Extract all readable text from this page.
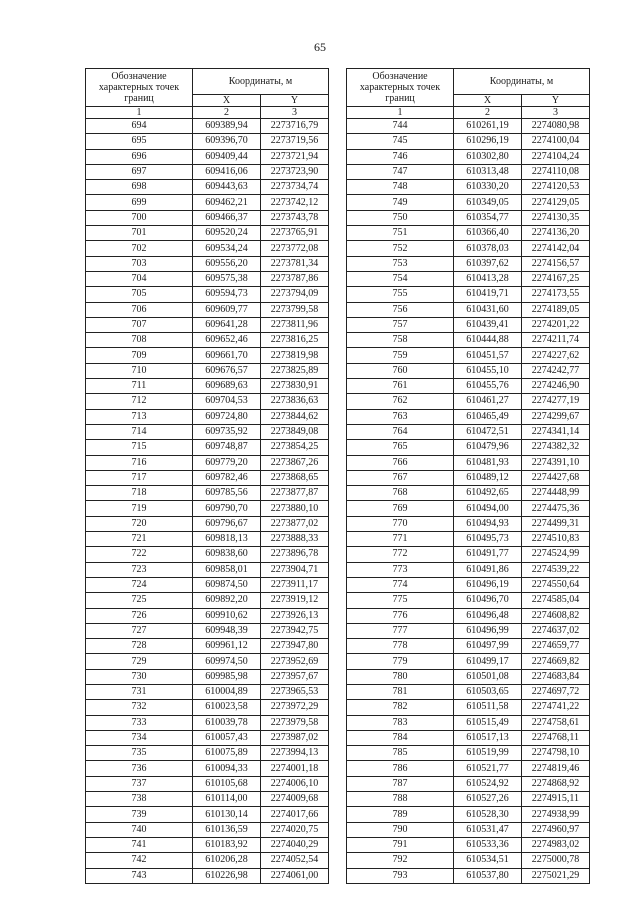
65
Обозначение характерных точек границ	Координаты, м	
	X	Y
1	2	3
694	609389,94	2273716,79
695	609396,70	2273719,56
696	609409,44	2273721,94
697	609416,06	2273723,90
698	609443,63	2273734,74
699	609462,21	2273742,12
700	609466,37	2273743,78
701	609520,24	2273765,91
702	609534,24	2273772,08
703	609556,20	2273781,34
704	609575,38	2273787,86
705	609594,73	2273794,09
706	609609,77	2273799,58
707	609641,28	2273811,96
708	609652,46	2273816,25
709	609661,70	2273819,98
710	609676,57	2273825,89
711	609689,63	2273830,91
712	609704,53	2273836,63
713	609724,80	2273844,62
714	609735,92	2273849,08
715	609748,87	2273854,25
716	609779,20	2273867,26
717	609782,46	2273868,65
718	609785,56	2273877,87
719	609790,70	2273880,10
720	609796,67	2273877,02
721	609818,13	2273888,33
722	609838,60	2273896,78
723	609858,01	2273904,71
724	609874,50	2273911,17
725	609892,20	2273919,12
726	609910,62	2273926,13
727	609948,39	2273942,75
728	609961,12	2273947,80
729	609974,50	2273952,69
730	609985,98	2273957,67
731	610004,89	2273965,53
732	610023,58	2273972,29
733	610039,78	2273979,58
734	610057,43	2273987,02
735	610075,89	2273994,13
736	610094,33	2274001,18
737	610105,68	2274006,10
738	610114,00	2274009,68
739	610130,14	2274017,66
740	610136,59	2274020,75
741	610183,92	2274040,29
742	610206,28	2274052,54
743	610226,98	2274061,00
Обозначение характерных точек границ	Координаты, м	
	X	Y
1	2	3
744	610261,19	2274080,98
745	610296,19	2274100,04
746	610302,80	2274104,24
747	610313,48	2274110,08
748	610330,20	2274120,53
749	610349,05	2274129,05
750	610354,77	2274130,35
751	610366,40	2274136,20
752	610378,03	2274142,04
753	610397,62	2274156,57
754	610413,28	2274167,25
755	610419,71	2274173,55
756	610431,60	2274189,05
757	610439,41	2274201,22
758	610444,88	2274211,74
759	610451,57	2274227,62
760	610455,10	2274242,77
761	610455,76	2274246,90
762	610461,27	2274277,19
763	610465,49	2274299,67
764	610472,51	2274341,14
765	610479,96	2274382,32
766	610481,93	2274391,10
767	610489,12	2274427,68
768	610492,65	2274448,99
769	610494,00	2274475,36
770	610494,93	2274499,31
771	610495,73	2274510,83
772	610491,77	2274524,99
773	610491,86	2274539,22
774	610496,19	2274550,64
775	610496,70	2274585,04
776	610496,48	2274608,82
777	610496,99	2274637,02
778	610497,99	2274659,77
779	610499,17	2274669,82
780	610501,08	2274683,84
781	610503,65	2274697,72
782	610511,58	2274741,22
783	610515,49	2274758,61
784	610517,13	2274768,11
785	610519,99	2274798,10
786	610521,77	2274819,46
787	610524,92	2274868,92
788	610527,26	2274915,11
789	610528,30	2274938,99
790	610531,47	2274960,97
791	610533,36	2274983,02
792	610534,51	2275000,78
793	610537,80	2275021,29
